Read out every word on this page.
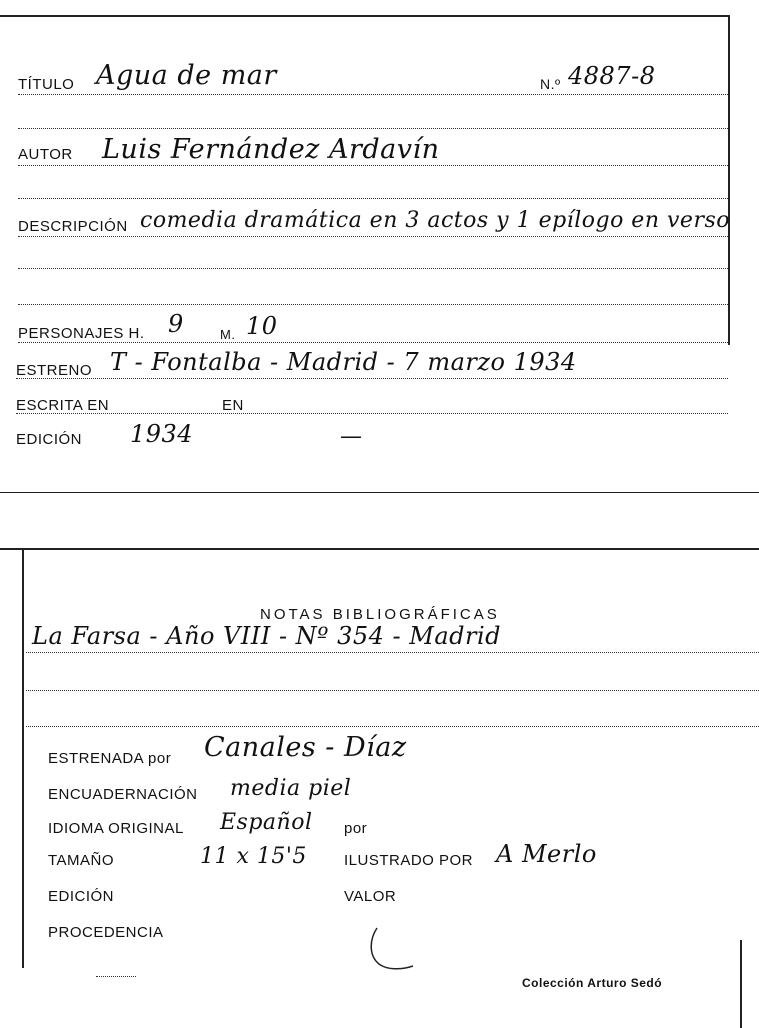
TÍTULO Agua de mar	N.º 4887-8
AUTOR Luis Fernández Ardavín
DESCRIPCIÓN comedia dramática en 3 actos y 1 epílogo en verso
PERSONAJES H. 9	M. 10
ESTRENO T - Fontalba - Madrid - 7 marzo 1934
ESCRITA EN	EN
EDICIÓN 1934	—
NOTAS BIBLIOGRÁFICAS
La Farsa - Año VIII - Nº 354 - Madrid
ESTRENADA por Canales - Díaz
ENCUADERNACIÓN media piel
IDIOMA ORIGINAL Español por
TAMAÑO	11 x 15'5 ILUSTRADO POR A Merlo
EDICIÓN	VALOR
PROCEDENCIA
Colección Arturo Sedó
